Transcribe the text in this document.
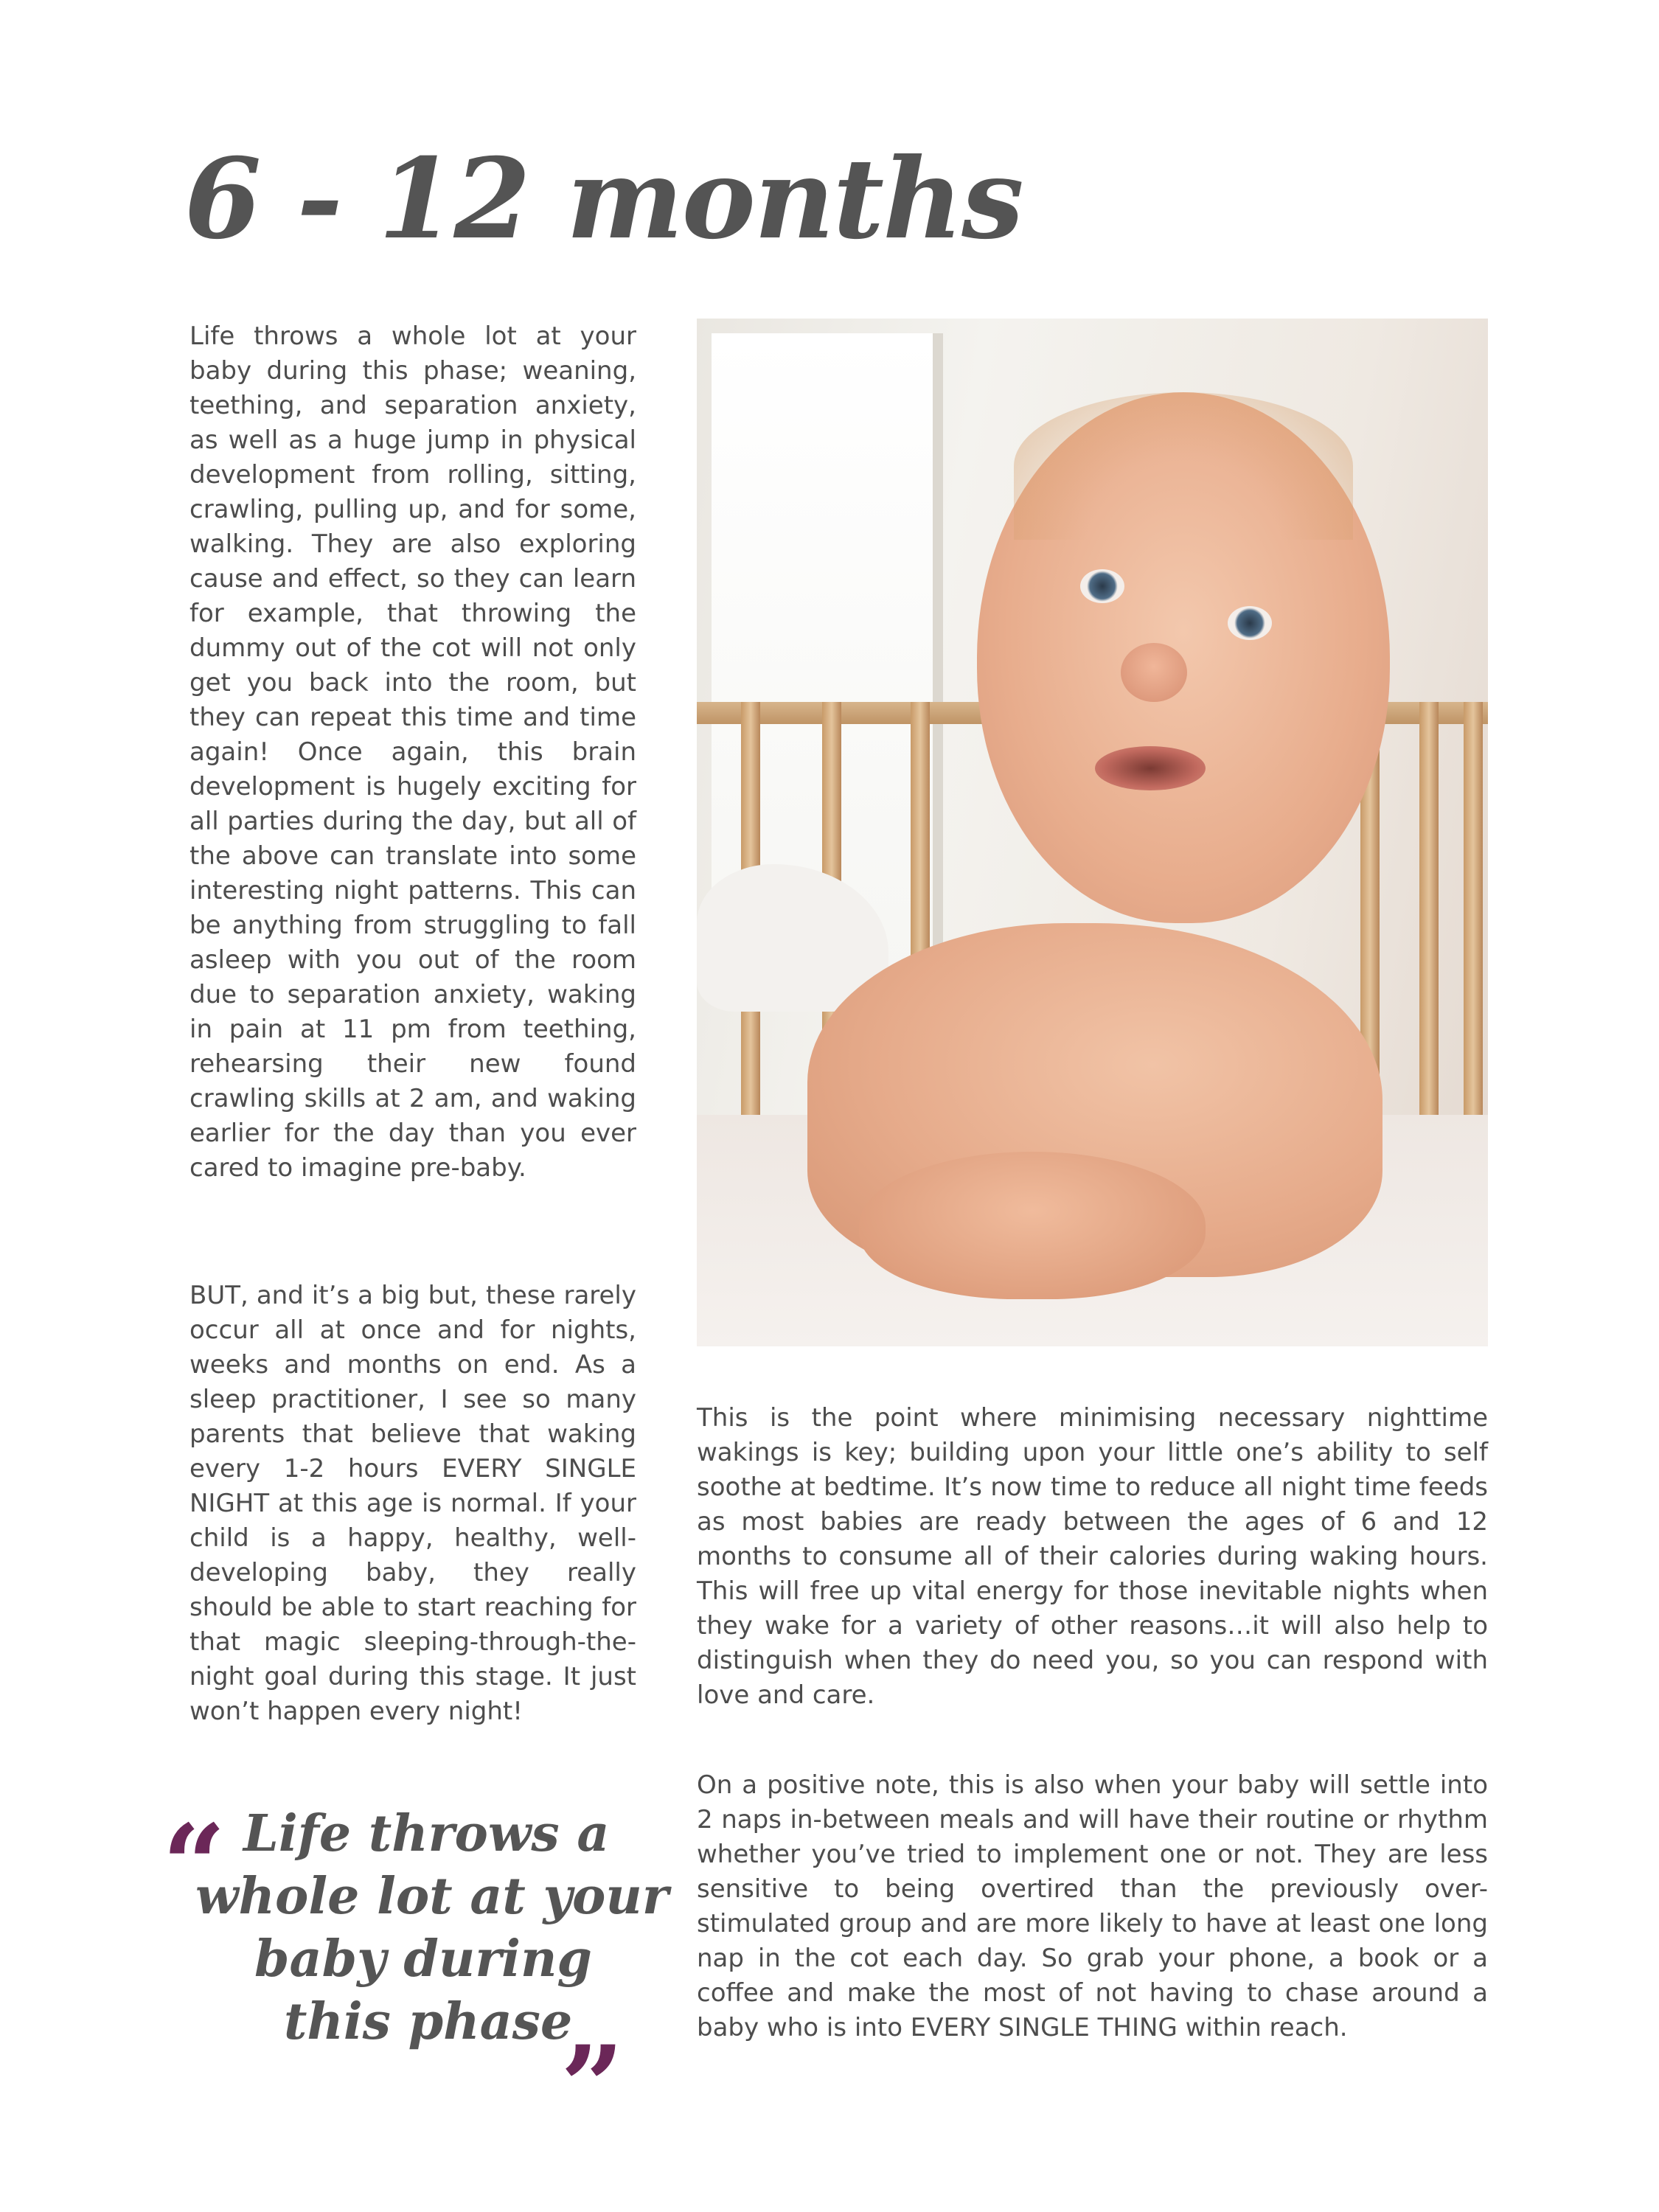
6 - 12 months

Life throws a whole lot at your baby during this phase; weaning, teething, and separation anxiety, as well as a huge jump in physical development from rolling, sitting, crawling, pulling up, and for some, walking. They are also exploring cause and effect, so they can learn for example, that throwing the dummy out of the cot will not only get you back into the room, but they can repeat this time and time again! Once again, this brain development is hugely exciting for all parties during the day, but all of the above can translate into some interesting night patterns. This can be anything from struggling to fall asleep with you out of the room due to separation anxiety, waking in pain at 11 pm from teething, rehearsing their new found crawling skills at 2 am, and waking earlier for the day than you ever cared to imagine pre-baby.

BUT, and it’s a big but, these rarely occur all at once and for nights, weeks and months on end. As a sleep practitioner, I see so many parents that believe that waking every 1-2 hours EVERY SINGLE NIGHT at this age is normal. If your child is a happy, healthy, well-developing baby, they really should be able to start reaching for that magic sleeping-through-the-night goal during this stage. It just won’t happen every night!

This is the point where minimising necessary nighttime wakings is key; building upon your little one’s ability to self soothe at bedtime. It’s now time to reduce all night time feeds as most babies are ready between the ages of 6 and 12 months to consume all of their calories during waking hours. This will free up vital energy for those inevitable nights when they wake for a variety of other reasons…it will also help to distinguish when they do need you, so you can respond with love and care.

On a positive note, this is also when your baby will settle into 2 naps in-between meals and will have their routine or rhythm whether you’ve tried to implement one or not. They are less sensitive to being overtired than the previously over-stimulated group and are more likely to have at least one long nap in the cot each day. So grab your phone, a book or a coffee and make the most of not having to chase around a baby who is into EVERY SINGLE THING within reach.

“ Life throws a
whole lot at your
baby during
this phase
”
